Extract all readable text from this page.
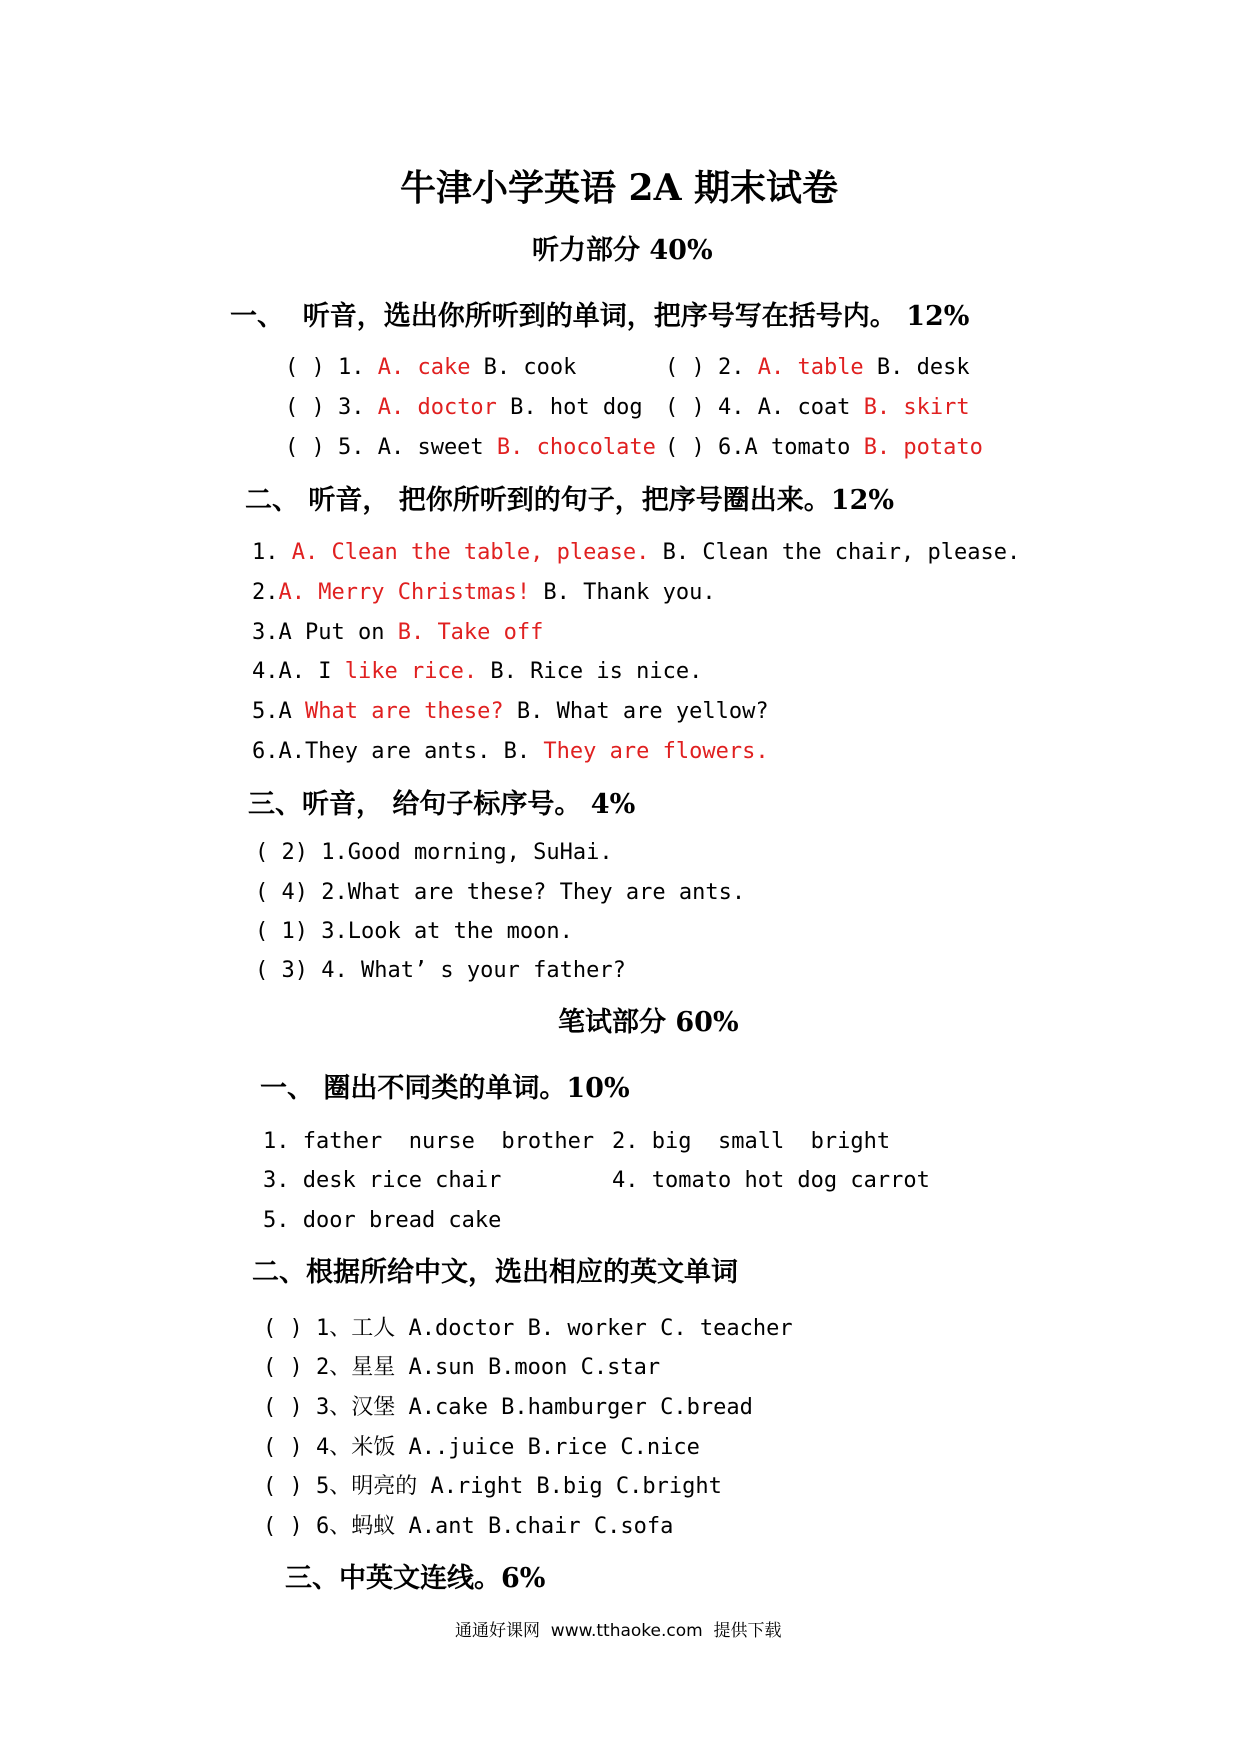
牛津小学英语 2A 期末试卷
听力部分 40%
一、  听音，选出你所听到的单词，把序号写在括号内。 12%
( ) 1. A. cake B. cook	( ) 2. A. table B. desk
( ) 3. A. doctor B. hot dog ( ) 4. A. coat B. skirt
( ) 5. A. sweet B. chocolate ( ) 6.A tomato B. potato
二、 听音， 把你所听到的句子，把序号圈出来。12%
1. A. Clean the table, please. B. Clean the chair, please.
2.A. Merry Christmas! B. Thank you.
3.A Put on B. Take off
4.A. I like rice. B. Rice is nice.
5.A What are these? B. What are yellow?
6.A.They are ants. B. They are flowers.
三、听音， 给句子标序号。 4%
( 2) 1.Good morning, SuHai.
( 4) 2.What are these? They are ants.
( 1) 3.Look at the moon.
( 3) 4. What’ s your father?
笔试部分 60%
一、 圈出不同类的单词。10%
1. father  nurse  brother 2. big  small  bright
3. desk rice chair	4. tomato hot dog carrot
5. door bread cake
二、根据所给中文，选出相应的英文单词
( ) 1、工人 A.doctor B. worker C. teacher
( ) 2、星星 A.sun B.moon C.star
( ) 3、汉堡 A.cake B.hamburger C.bread
( ) 4、米饭 A..juice B.rice C.nice
( ) 5、明亮的 A.right B.big C.bright
( ) 6、蚂蚁 A.ant B.chair C.sofa
三、中英文连线。6%
通通好课网  www.tthaoke.com  提供下载
